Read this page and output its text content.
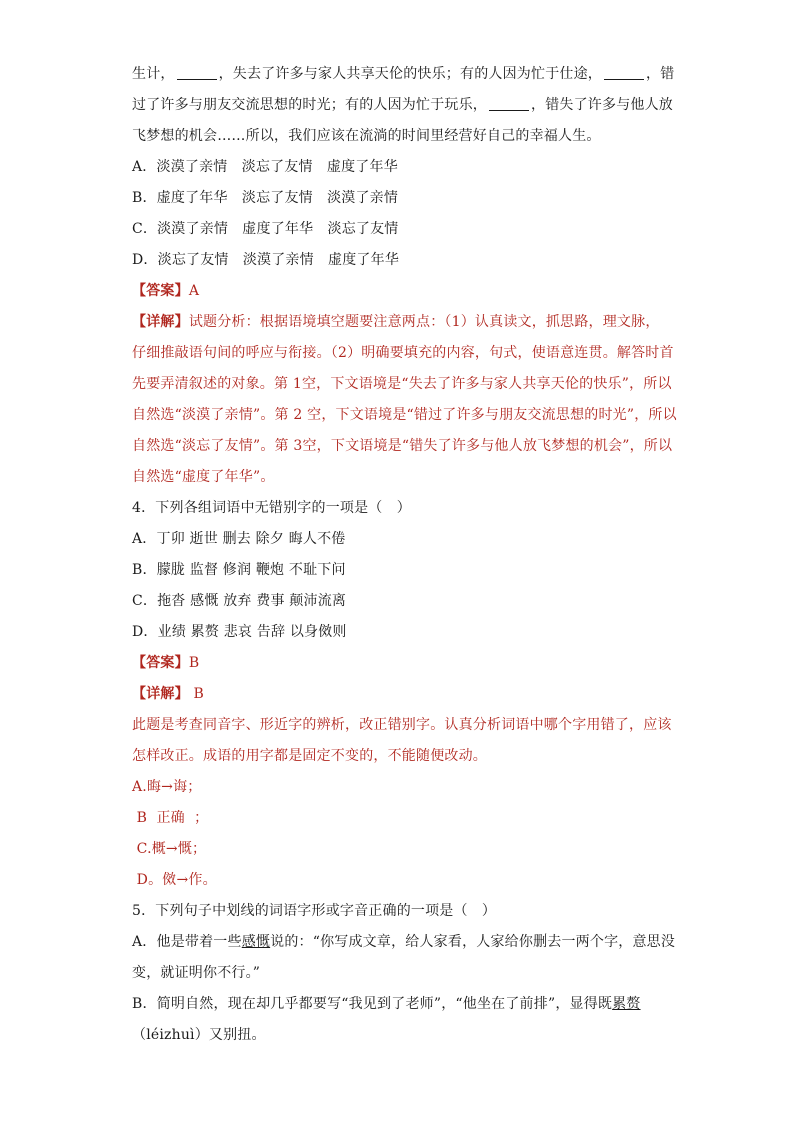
生计，	，失去了许多与家人共享天伦的快乐；有的人因为忙于仕途，	，错
过了许多与朋友交流思想的时光；有的人因为忙于玩乐，	，错失了许多与他人放
飞梦想的机会……所以，我们应该在流淌的时间里经营好自己的幸福人生。
A．淡漠了亲情　淡忘了友情　虚度了年华
B．虚度了年华　淡忘了友情　淡漠了亲情
C．淡漠了亲情　虚度了年华　淡忘了友情
D．淡忘了友情　淡漠了亲情　虚度了年华
【答案】A
【详解】试题分析：根据语境填空题要注意两点：（1）认真读文，抓思路，理文脉，
仔细推敲语句间的呼应与衔接。（2）明确要填充的内容，句式，使语意连贯。解答时首
先要弄清叙述的对象。第 1空，下文语境是“失去了许多与家人共享天伦的快乐”，所以
自然选“淡漠了亲情”。第 2 空，下文语境是“错过了许多与朋友交流思想的时光”，所以
自然选“淡忘了友情”。第 3空，下文语境是“错失了许多与他人放飞梦想的机会”，所以
自然选“虚度了年华”。
4．下列各组词语中无错别字的一项是（　）
A．丁卯 逝世 删去 除夕 晦人不倦
B．朦胧 监督 修润 鞭炮 不耻下问
C．拖沓 感慨 放弃 费事 颠沛流离
D．业绩 累赘 悲哀 告辞 以身傚则
【答案】B
【详解】 B
此题是考查同音字、形近字的辨析，改正错别字。认真分析词语中哪个字用错了，应该
怎样改正。成语的用字都是固定不变的，不能随便改动。
A.晦→诲；
B  正确  ；
C.概→慨；
D。傚→作。
5．下列句子中划线的词语字形或字音正确的一项是（　）
A．他是带着一些感慨说的：“你写成文章，给人家看，人家给你删去一两个字，意思没
变，就证明你不行。”
B．简明自然，现在却几乎都要写“我见到了老师”，“他坐在了前排”，显得既累赘
（léizhuì）又别扭。
